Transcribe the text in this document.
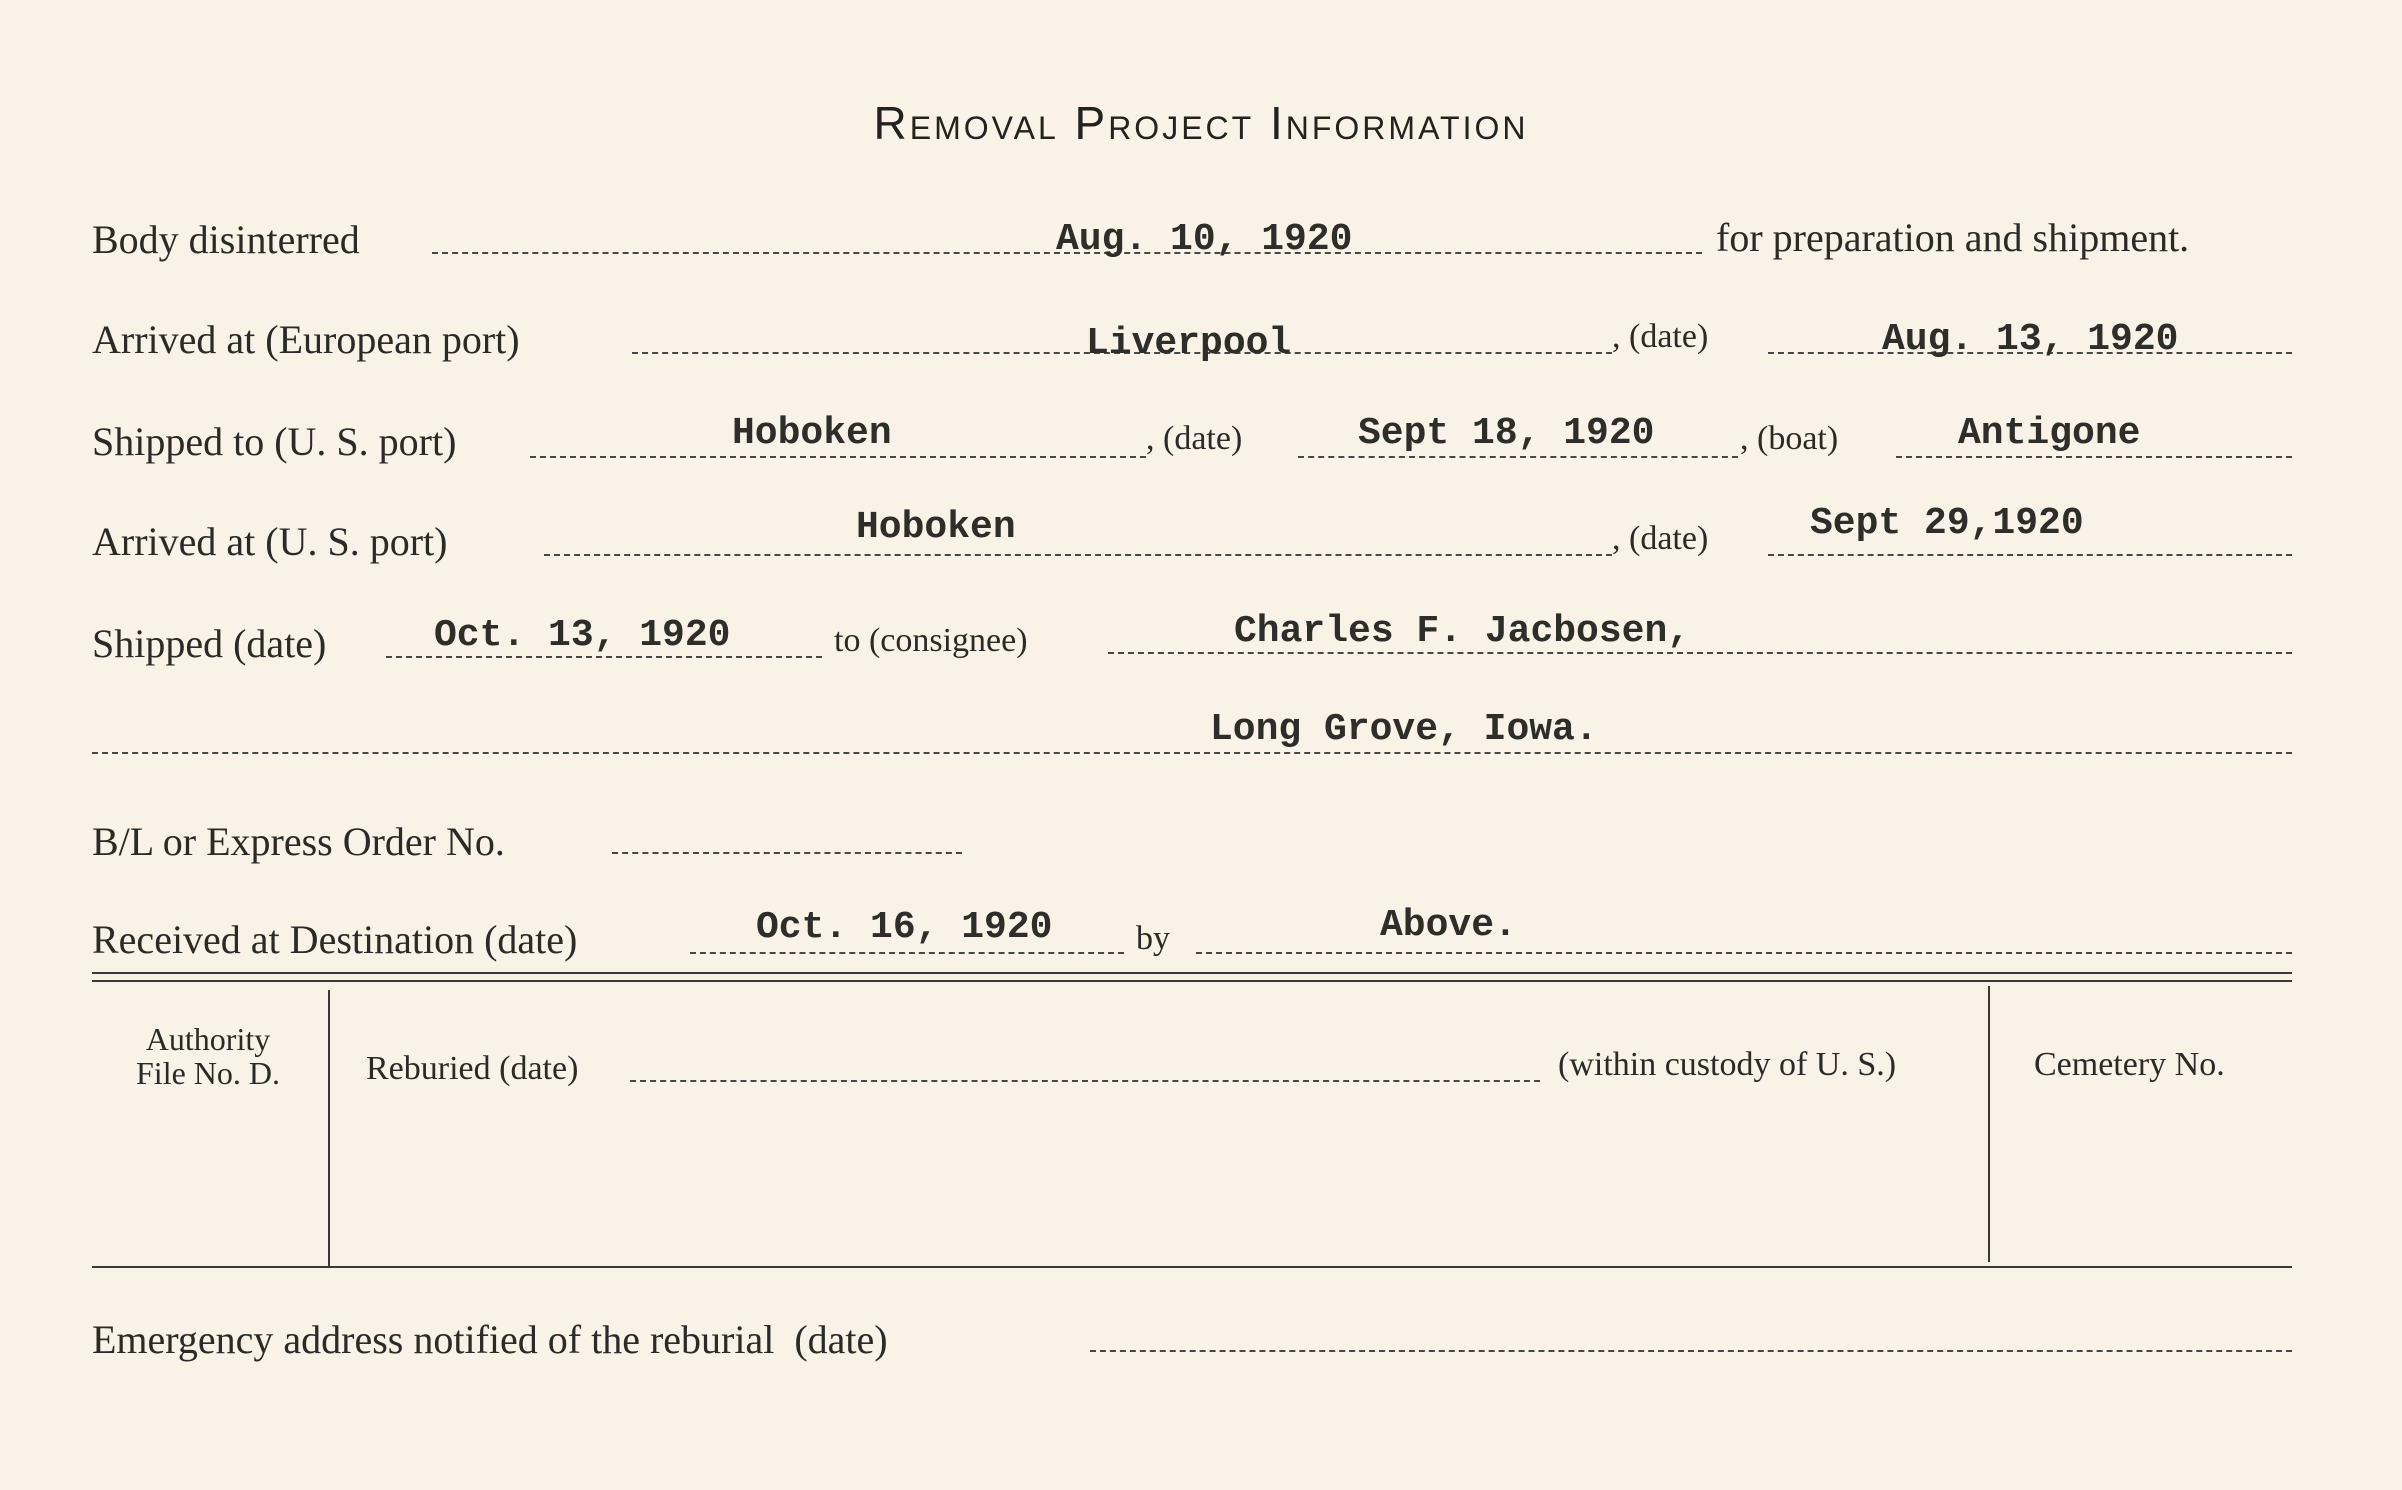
Removal Project Information
Body disinterred	Aug. 10, 1920	for preparation and shipment.
Arrived at (European port)	Liverpool	, (date)	Aug. 13, 1920
Shipped to (U. S. port)	Hoboken	, (date)	Sept 18, 1920	, (boat)	Antigone
Arrived at (U. S. port)	Hoboken	, (date)	Sept 29,1920
Shipped (date)	Oct. 13, 1920	to (consignee)	Charles F. Jacbosen,
Long Grove, Iowa.
B/L or Express Order No.
Received at Destination (date)	Oct. 16, 1920 by	Above.
Authority
File No. D.	Reburied (date)	(within custody of U. S.)	Cemetery No.
Emergency address notified of the reburial  (date)
